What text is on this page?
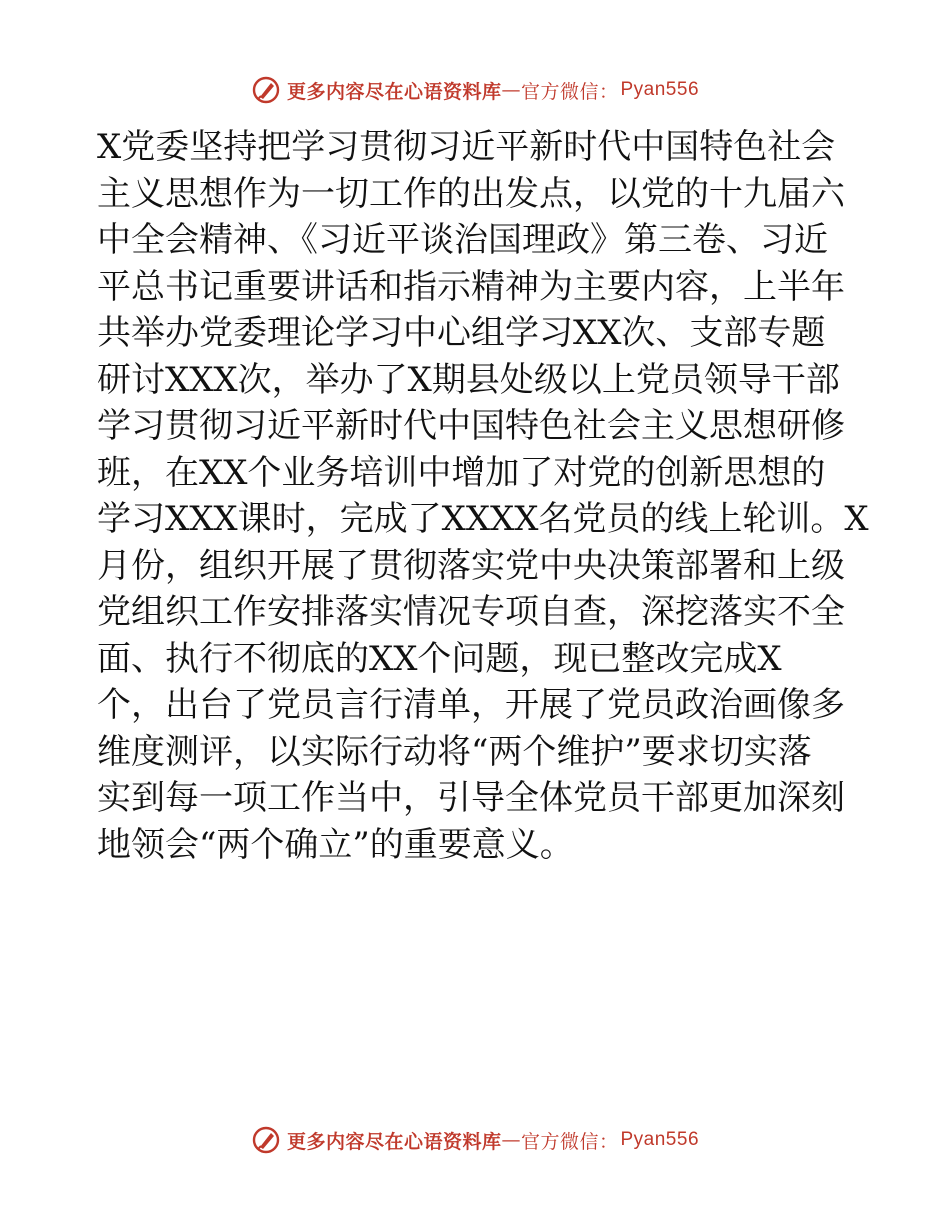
更多内容尽在心语资料库 — 官方微信： Pyan556
X党委坚持把学习贯彻习近平新时代中国特色社会
主义思想作为一切工作的出发点，以党的十九届六
中全会精神、《习近平谈治国理政》第三卷、习近
平总书记重要讲话和指示精神为主要内容，上半年
共举办党委理论学习中心组学习XX次、支部专题
研讨XXX次，举办了X期县处级以上党员领导干部
学习贯彻习近平新时代中国特色社会主义思想研修
班，在XX个业务培训中增加了对党的创新思想的
学习XXX课时，完成了XXXX名党员的线上轮训。X
月份，组织开展了贯彻落实党中央决策部署和上级
党组织工作安排落实情况专项自查，深挖落实不全
面、执行不彻底的XX个问题，现已整改完成X
个，出台了党员言行清单，开展了党员政治画像多
维度测评，以实际行动将“两个维护”要求切实落
实到每一项工作当中，引导全体党员干部更加深刻
地领会“两个确立”的重要意义。
更多内容尽在心语资料库 — 官方微信： Pyan556
